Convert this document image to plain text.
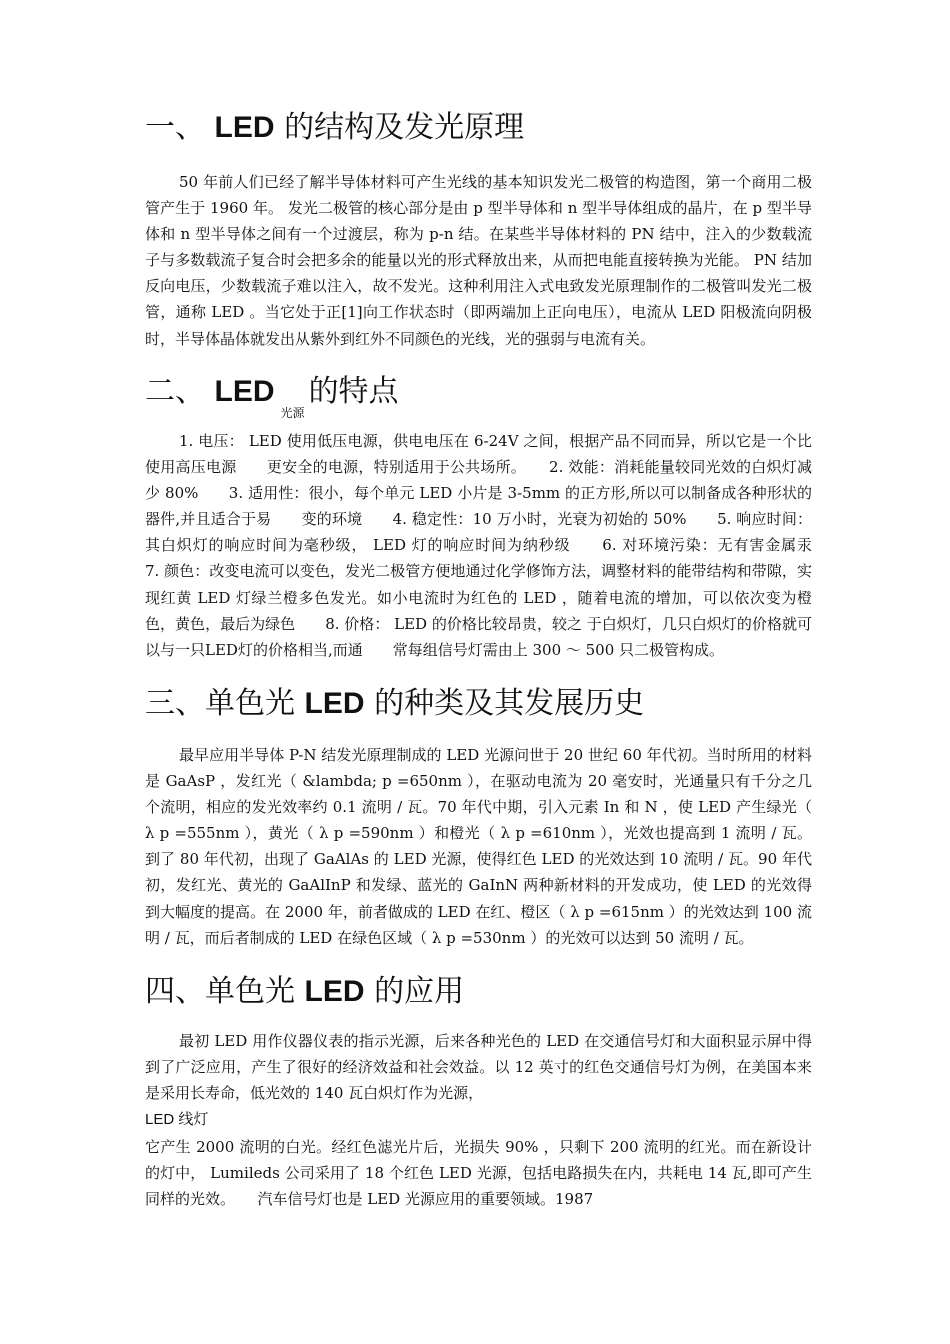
一、 LED 的结构及发光原理

50 年前人们已经了解半导体材料可产生光线的基本知识发光二极管的构造图，第一个商用二极管产生于 1960 年。 发光二极管的核心部分是由 p 型半导体和 n 型半导体组成的晶片，在 p 型半导体和 n 型半导体之间有一个过渡层，称为 p-n 结。在某些半导体材料的 PN 结中，注入的少数载流子与多数载流子复合时会把多余的能量以光的形式释放出来，从而把电能直接转换为光能。 PN 结加反向电压，少数载流子难以注入，故不发光。这种利用注入式电致发光原理制作的二极管叫发光二极管，通称 LED 。当它处于正[1]向工作状态时（即两端加上正向电压），电流从 LED 阳极流向阴极时，半导体晶体就发出从紫外到红外不同颜色的光线，光的强弱与电流有关。

二、 $LED_{光源}$的特点

1. 电压： LED 使用低压电源，供电电压在 6-24V 之间，根据产品不同而异，所以它是一个比使用高压电源　　更安全的电源，特别适用于公共场所。　　2. 效能：消耗能量较同光效的白炽灯减少 80%　　3. 适用性：很小，每个单元 LED 小片是 3-5mm 的正方形,所以可以制备成各种形状的器件,并且适合于易　　变的环境　　4. 稳定性：10 万小时，光衰为初始的 50%　　5. 响应时间：其白炽灯的响应时间为毫秒级， LED 灯的响应时间为纳秒级　　6. 对环境污染：无有害金属汞　　7. 颜色：改变电流可以变色，发光二极管方便地通过化学修饰方法，调整材料的能带结构和带隙，实现红黄 LED 灯绿兰橙多色发光。如小电流时为红色的 LED ，随着电流的增加，可以依次变为橙色，黄色，最后为绿色　　8. 价格： LED 的价格比较昂贵，较之 于白炽灯，几只白炽灯的价格就可以与一只LED灯的价格相当,而通　　常每组信号灯需由上 300 ～ 500 只二极管构成。

三、单色光 LED 的种类及其发展历史

最早应用半导体 P-N 结发光原理制成的 LED 光源问世于 20 世纪 60 年代初。当时所用的材料是 GaAsP ，发红光（ &lambda; p =650nm ），在驱动电流为 20 毫安时，光通量只有千分之几个流明，相应的发光效率约 0.1 流明 / 瓦。70 年代中期，引入元素 In 和 N ，使 LED 产生绿光（ λ p =555nm ），黄光（ λ p =590nm ）和橙光（ λ p =610nm ），光效也提高到 1 流明 / 瓦。到了 80 年代初，出现了 GaAlAs 的 LED 光源，使得红色 LED 的光效达到 10 流明 / 瓦。90 年代初，发红光、黄光的 GaAlInP 和发绿、蓝光的 GaInN 两种新材料的开发成功，使 LED 的光效得到大幅度的提高。在 2000 年，前者做成的 LED 在红、橙区（ λ p =615nm ）的光效达到 100 流明 / 瓦，而后者制成的 LED 在绿色区域（ λ p =530nm ）的光效可以达到 50 流明 / 瓦。

四、单色光 LED 的应用

最初 LED 用作仪器仪表的指示光源，后来各种光色的 LED 在交通信号灯和大面积显示屏中得到了广泛应用，产生了很好的经济效益和社会效益。以 12 英寸的红色交通信号灯为例，在美国本来是采用长寿命，低光效的 140 瓦白炽灯作为光源，

LED 线灯

它产生 2000 流明的白光。经红色滤光片后，光损失 90% ，只剩下 200 流明的红光。而在新设计的灯中， Lumileds 公司采用了 18 个红色 LED 光源，包括电路损失在内，共耗电 14 瓦,即可产生同样的光效。　　汽车信号灯也是 LED 光源应用的重要领域。1987
